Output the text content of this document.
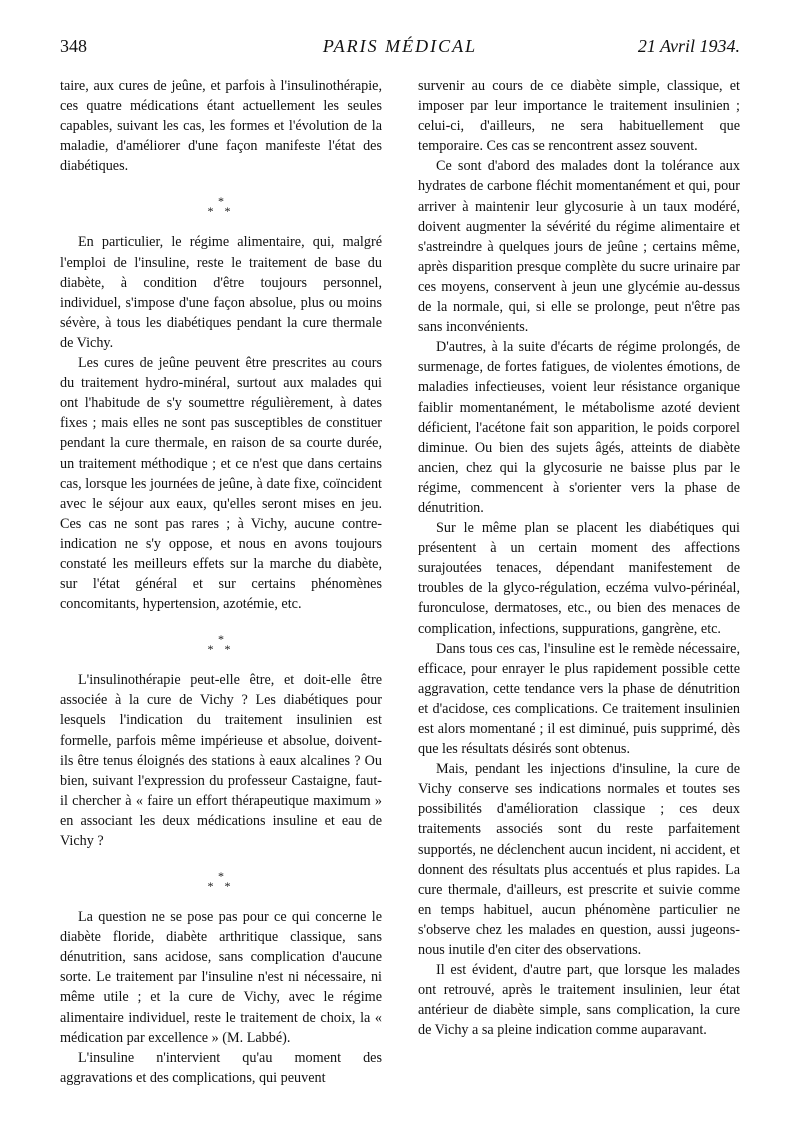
348	PARIS MÉDICAL	21 Avril 1934.

taire, aux cures de jeûne, et parfois à l'insulinothérapie, ces quatre médications étant actuellement les seules capables, suivant les cas, les formes et l'évolution de la maladie, d'améliorer d'une façon manifeste l'état des diabétiques.

*
* *

En particulier, le régime alimentaire, qui, malgré l'emploi de l'insuline, reste le traitement de base du diabète, à condition d'être toujours personnel, individuel, s'impose d'une façon absolue, plus ou moins sévère, à tous les diabétiques pendant la cure thermale de Vichy.

Les cures de jeûne peuvent être prescrites au cours du traitement hydro-minéral, surtout aux malades qui ont l'habitude de s'y soumettre régulièrement, à dates fixes ; mais elles ne sont pas susceptibles de constituer pendant la cure thermale, en raison de sa courte durée, un traitement méthodique ; et ce n'est que dans certains cas, lorsque les journées de jeûne, à date fixe, coïncident avec le séjour aux eaux, qu'elles seront mises en jeu. Ces cas ne sont pas rares ; à Vichy, aucune contre-indication ne s'y oppose, et nous en avons toujours constaté les meilleurs effets sur la marche du diabète, sur l'état général et sur certains phénomènes concomitants, hypertension, azotémie, etc.

*
* *

L'insulinothérapie peut-elle être, et doit-elle être associée à la cure de Vichy ? Les diabétiques pour lesquels l'indication du traitement insulinien est formelle, parfois même impérieuse et absolue, doivent-ils être tenus éloignés des stations à eaux alcalines ? Ou bien, suivant l'expression du professeur Castaigne, faut-il chercher à « faire un effort thérapeutique maximum » en associant les deux médications insuline et eau de Vichy ?

*
* *

La question ne se pose pas pour ce qui concerne le diabète floride, diabète arthritique classique, sans dénutrition, sans acidose, sans complication d'aucune sorte. Le traitement par l'insuline n'est ni nécessaire, ni même utile ; et la cure de Vichy, avec le régime alimentaire individuel, reste le traitement de choix, la « médication par excellence » (M. Labbé).

L'insuline n'intervient qu'au moment des aggravations et des complications, qui peuvent

survenir au cours de ce diabète simple, classique, et imposer par leur importance le traitement insulinien ; celui-ci, d'ailleurs, ne sera habituellement que temporaire. Ces cas se rencontrent assez souvent.

Ce sont d'abord des malades dont la tolérance aux hydrates de carbone fléchit momentanément et qui, pour arriver à maintenir leur glycosurie à un taux modéré, doivent augmenter la sévérité du régime alimentaire et s'astreindre à quelques jours de jeûne ; certains même, après disparition presque complète du sucre urinaire par ces moyens, conservent à jeun une glycémie au-dessus de la normale, qui, si elle se prolonge, peut n'être pas sans inconvénients.

D'autres, à la suite d'écarts de régime prolongés, de surmenage, de fortes fatigues, de violentes émotions, de maladies infectieuses, voient leur résistance organique faiblir momentanément, le métabolisme azoté devient déficient, l'acétone fait son apparition, le poids corporel diminue. Ou bien des sujets âgés, atteints de diabète ancien, chez qui la glycosurie ne baisse plus par le régime, commencent à s'orienter vers la phase de dénutrition.

Sur le même plan se placent les diabétiques qui présentent à un certain moment des affections surajoutées tenaces, dépendant manifestement de troubles de la glyco-régulation, eczéma vulvo-périnéal, furonculose, dermatoses, etc., ou bien des menaces de complication, infections, suppurations, gangrène, etc.

Dans tous ces cas, l'insuline est le remède nécessaire, efficace, pour enrayer le plus rapidement possible cette aggravation, cette tendance vers la phase de dénutrition et d'acidose, ces complications. Ce traitement insulinien est alors momentané ; il est diminué, puis supprimé, dès que les résultats désirés sont obtenus.

Mais, pendant les injections d'insuline, la cure de Vichy conserve ses indications normales et toutes ses possibilités d'amélioration classique ; ces deux traitements associés sont du reste parfaitement supportés, ne déclenchent aucun incident, ni accident, et donnent des résultats plus accentués et plus rapides. La cure thermale, d'ailleurs, est prescrite et suivie comme en temps habituel, aucun phénomène particulier ne s'observe chez les malades en question, aussi jugeons-nous inutile d'en citer des observations.

Il est évident, d'autre part, que lorsque les malades ont retrouvé, après le traitement insulinien, leur état antérieur de diabète simple, sans complication, la cure de Vichy a sa pleine indication comme auparavant.
